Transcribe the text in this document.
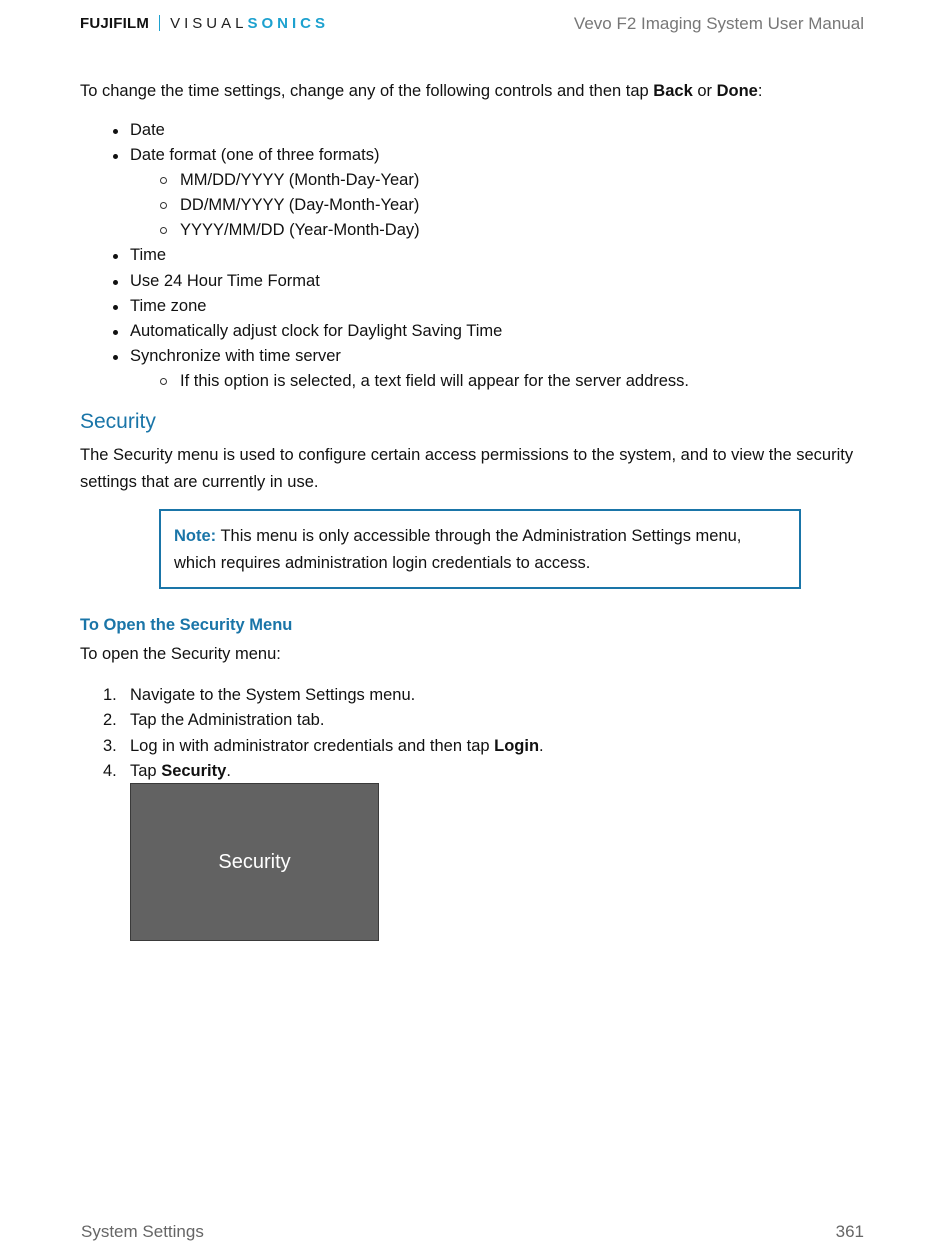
FUJIFILM VISUAL SONICS	Vevo F2 Imaging System User Manual
To change the time settings, change any of the following controls and then tap Back or Done:
Date
Date format (one of three formats)
MM/DD/YYYY (Month-Day-Year)
DD/MM/YYYY (Day-Month-Year)
YYYY/MM/DD (Year-Month-Day)
Time
Use 24 Hour Time Format
Time zone
Automatically adjust clock for Daylight Saving Time
Synchronize with time server
If this option is selected, a text field will appear for the server address.
Security
The Security menu is used to configure certain access permissions to the system, and to view the security settings that are currently in use.
Note: This menu is only accessible through the Administration Settings menu, which requires administration login credentials to access.
To Open the Security Menu
To open the Security menu:
1. Navigate to the System Settings menu.
2. Tap the Administration tab.
3. Log in with administrator credentials and then tap Login.
4. Tap Security.
Security
System Settings	361
